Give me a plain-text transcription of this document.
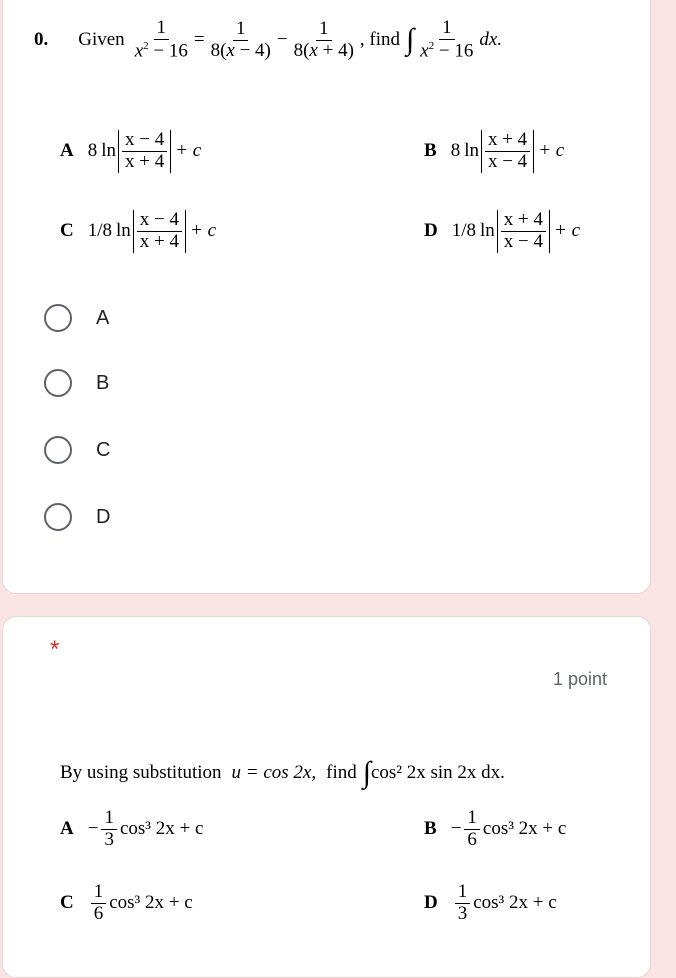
0. Given
1
$x^2 - 16$
=
1
8(x − 4) −
1
8(x + 4) , find ∫ 1
$x^2 - 16$
dx.
A 8 $\ln \frac{x - 4}{x + 4} + c$	B 8 $\ln \frac{x + 4}{x - 4} + c$
C 1/8 $\ln \frac{x - 4}{x + 4} + c$	D 1/8 $\ln \frac{x + 4}{x - 4} + c$
A
B
C
D
*
1 point
By using substitution u = cos 2x, find ∫ cos² 2x sin 2x dx.
$A - \frac{1}{3} \cos^3$ 2x + c	$B - \frac{1}{6} \cos^3$ 2x + c
C $\frac{1}{6} \cos^3$ 2x + c	D $\frac{1}{3} \cos^3$ 2x + c
